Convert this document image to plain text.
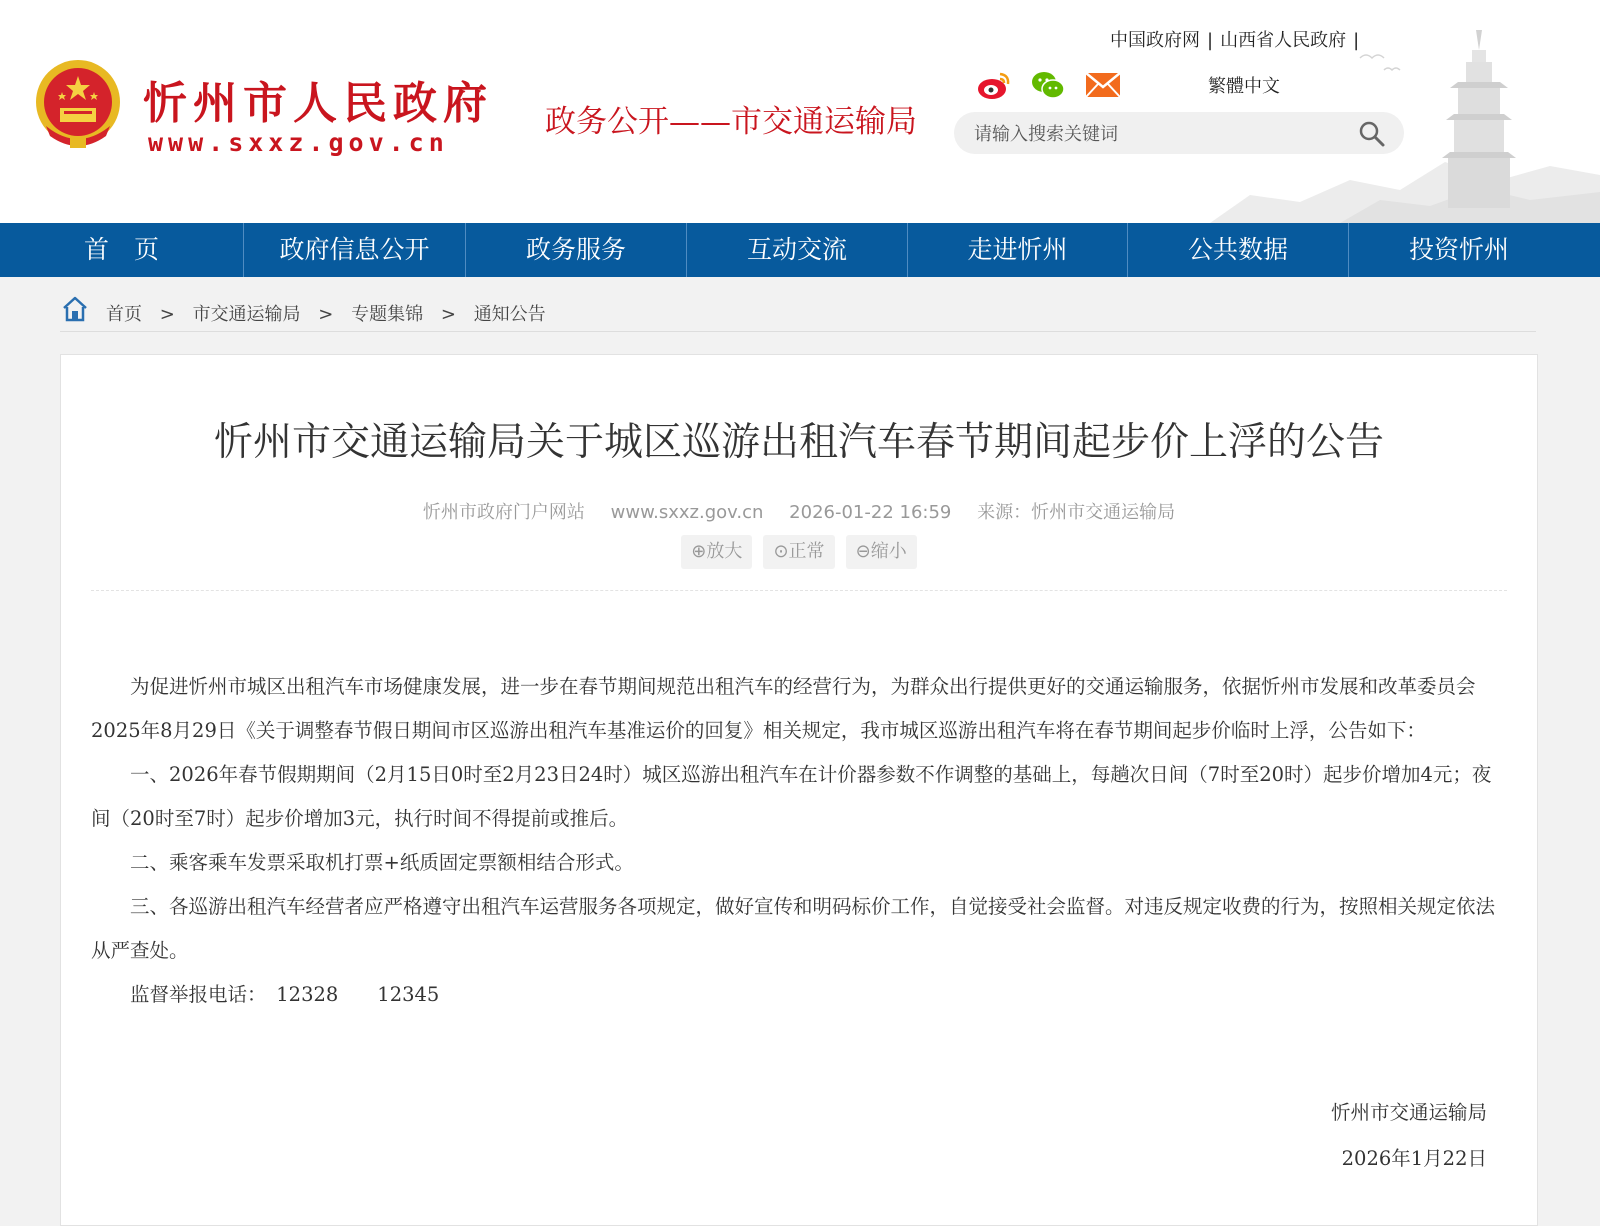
忻州市人民政府
www.sxxz.gov.cn
政务公开——市交通运输局
中国政府网 | 山西省人民政府 |
繁體中文
请输入搜索关键词
首　页	政府信息公开	政务服务	互动交流	走进忻州	公共数据	投资忻州
首页 > 市交通运输局 > 专题集锦 > 通知公告
忻州市交通运输局关于城区巡游出租汽车春节期间起步价上浮的公告
忻州市政府门户网站 www.sxxz.gov.cn 2026-01-22 16:59 来源：忻州市交通运输局
⊕放大 ⊙正常 ⊖缩小

为促进忻州市城区出租汽车市场健康发展，进一步在春节期间规范出租汽车的经营行为，为群众出行提供更好的交通运输服务，依据忻州市发展和改革委员会2025年8月29日《关于调整春节假日期间市区巡游出租汽车基准运价的回复》相关规定，我市城区巡游出租汽车将在春节期间起步价临时上浮，公告如下：

一、2026年春节假期期间（2月15日0时至2月23日24时）城区巡游出租汽车在计价器参数不作调整的基础上，每趟次日间（7时至20时）起步价增加4元；夜间（20时至7时）起步价增加3元，执行时间不得提前或推后。

二、乘客乘车发票采取机打票+纸质固定票额相结合形式。

三、各巡游出租汽车经营者应严格遵守出租汽车运营服务各项规定，做好宣传和明码标价工作，自觉接受社会监督。对违反规定收费的行为，按照相关规定依法从严查处。

监督举报电话：　12328　　12345

忻州市交通运输局
2026年1月22日
